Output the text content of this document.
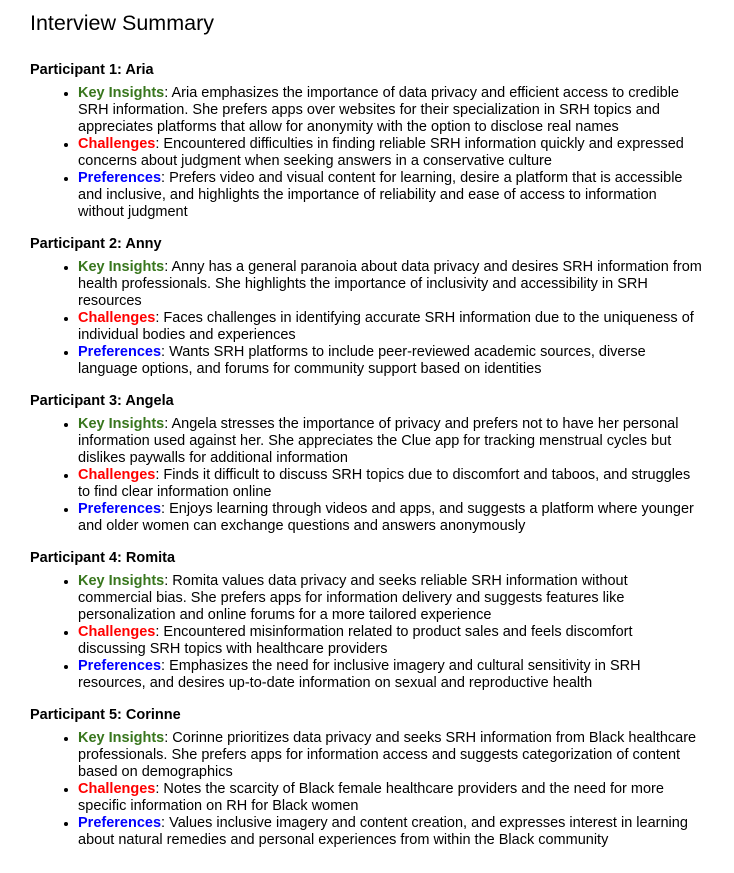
Interview Summary
Participant 1: Aria
• Key Insights: Aria emphasizes the importance of data privacy and efficient access to credible SRH information. She prefers apps over websites for their specialization in SRH topics and appreciates platforms that allow for anonymity with the option to disclose real names
• Challenges: Encountered difficulties in finding reliable SRH information quickly and expressed concerns about judgment when seeking answers in a conservative culture
• Preferences: Prefers video and visual content for learning, desire a platform that is accessible and inclusive, and highlights the importance of reliability and ease of access to information without judgment
Participant 2: Anny
• Key Insights: Anny has a general paranoia about data privacy and desires SRH information from health professionals. She highlights the importance of inclusivity and accessibility in SRH resources
• Challenges: Faces challenges in identifying accurate SRH information due to the uniqueness of individual bodies and experiences
• Preferences: Wants SRH platforms to include peer-reviewed academic sources, diverse language options, and forums for community support based on identities
Participant 3: Angela
• Key Insights: Angela stresses the importance of privacy and prefers not to have her personal information used against her. She appreciates the Clue app for tracking menstrual cycles but dislikes paywalls for additional information
• Challenges: Finds it difficult to discuss SRH topics due to discomfort and taboos, and struggles to find clear information online
• Preferences: Enjoys learning through videos and apps, and suggests a platform where younger and older women can exchange questions and answers anonymously
Participant 4: Romita
• Key Insights: Romita values data privacy and seeks reliable SRH information without commercial bias. She prefers apps for information delivery and suggests features like personalization and online forums for a more tailored experience
• Challenges: Encountered misinformation related to product sales and feels discomfort discussing SRH topics with healthcare providers
• Preferences: Emphasizes the need for inclusive imagery and cultural sensitivity in SRH resources, and desires up-to-date information on sexual and reproductive health
Participant 5: Corinne
• Key Insights: Corinne prioritizes data privacy and seeks SRH information from Black healthcare professionals. She prefers apps for information access and suggests categorization of content based on demographics
• Challenges: Notes the scarcity of Black female healthcare providers and the need for more specific information on RH for Black women
• Preferences: Values inclusive imagery and content creation, and expresses interest in learning about natural remedies and personal experiences from within the Black community
